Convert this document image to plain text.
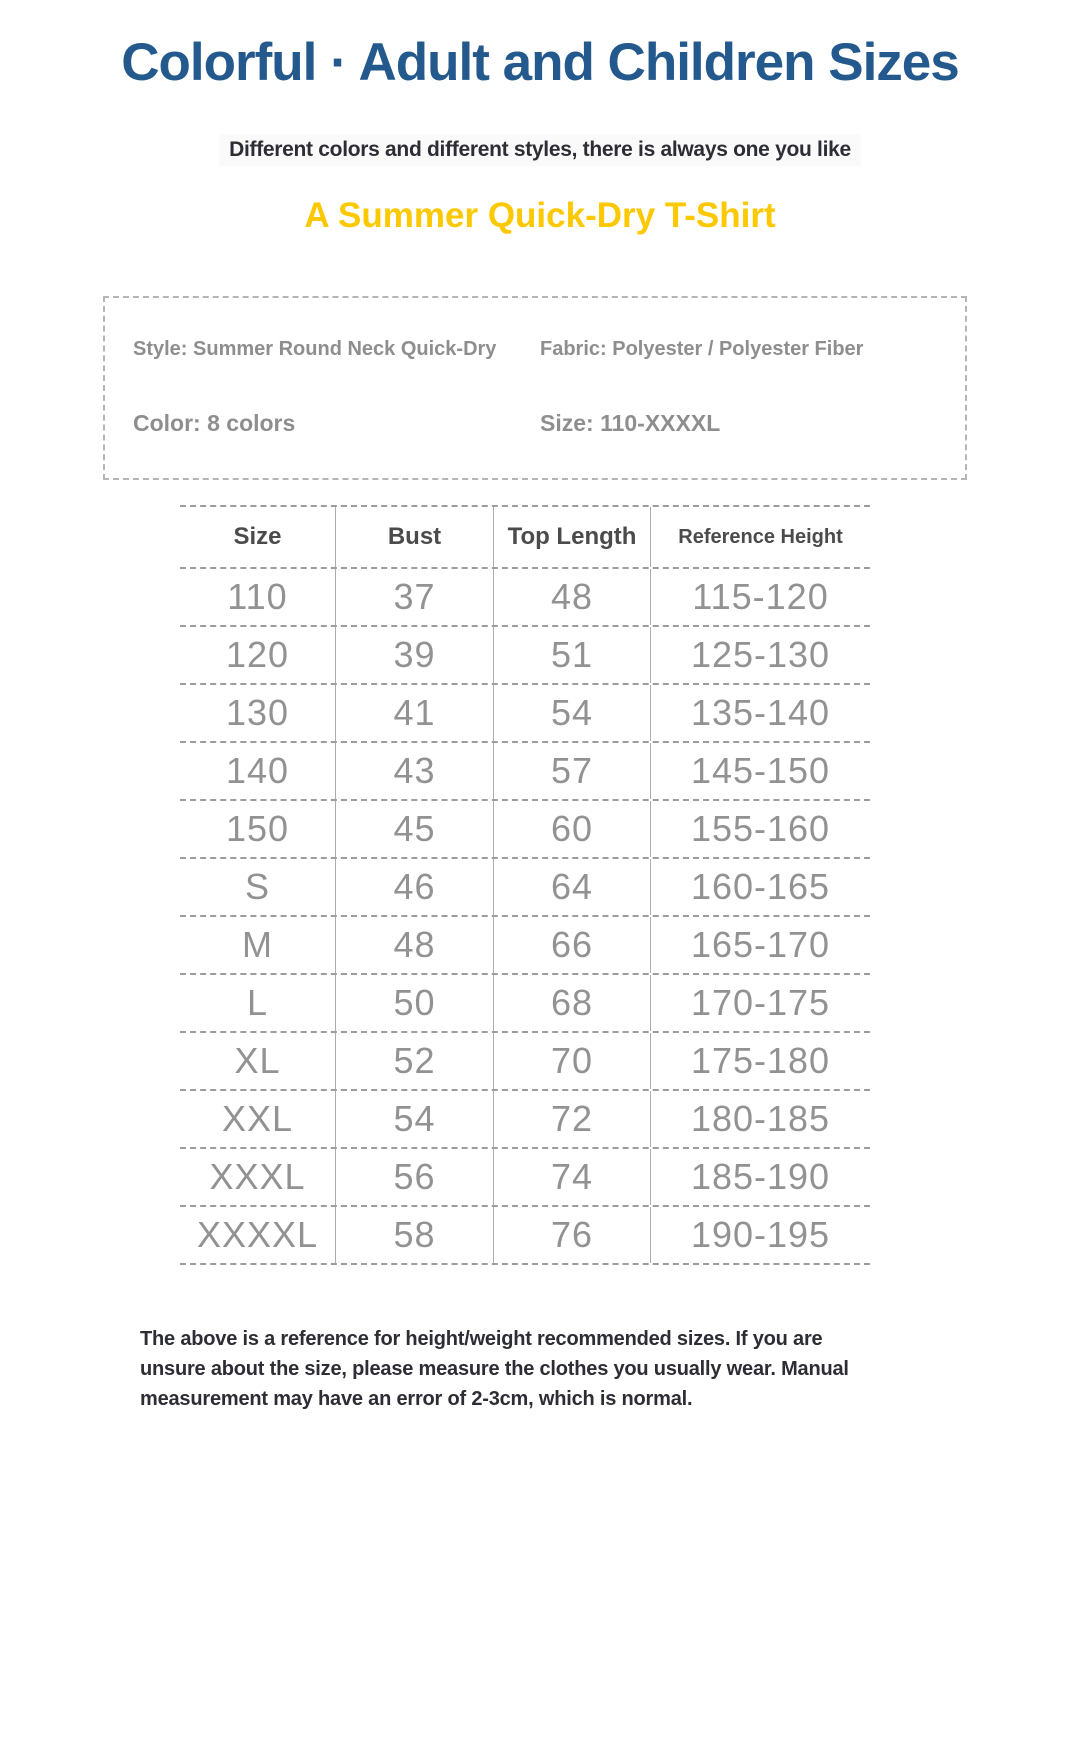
Colorful · Adult and Children Sizes
Different colors and different styles, there is always one you like
A Summer Quick-Dry T-Shirt
Style: Summer Round Neck Quick-Dry	Fabric: Polyester / Polyester Fiber
Color: 8 colors	Size: 110-XXXXL
Size	Bust	Top Length	Reference Height
110	37	48	115-120
120	39	51	125-130
130	41	54	135-140
140	43	57	145-150
150	45	60	155-160
S	46	64	160-165
M	48	66	165-170
L	50	68	170-175
XL	52	70	175-180
XXL	54	72	180-185
XXXL	56	74	185-190
XXXXL	58	76	190-195
The above is a reference for height/weight recommended sizes. If you are
unsure about the size, please measure the clothes you usually wear. Manual
measurement may have an error of 2-3cm, which is normal.
